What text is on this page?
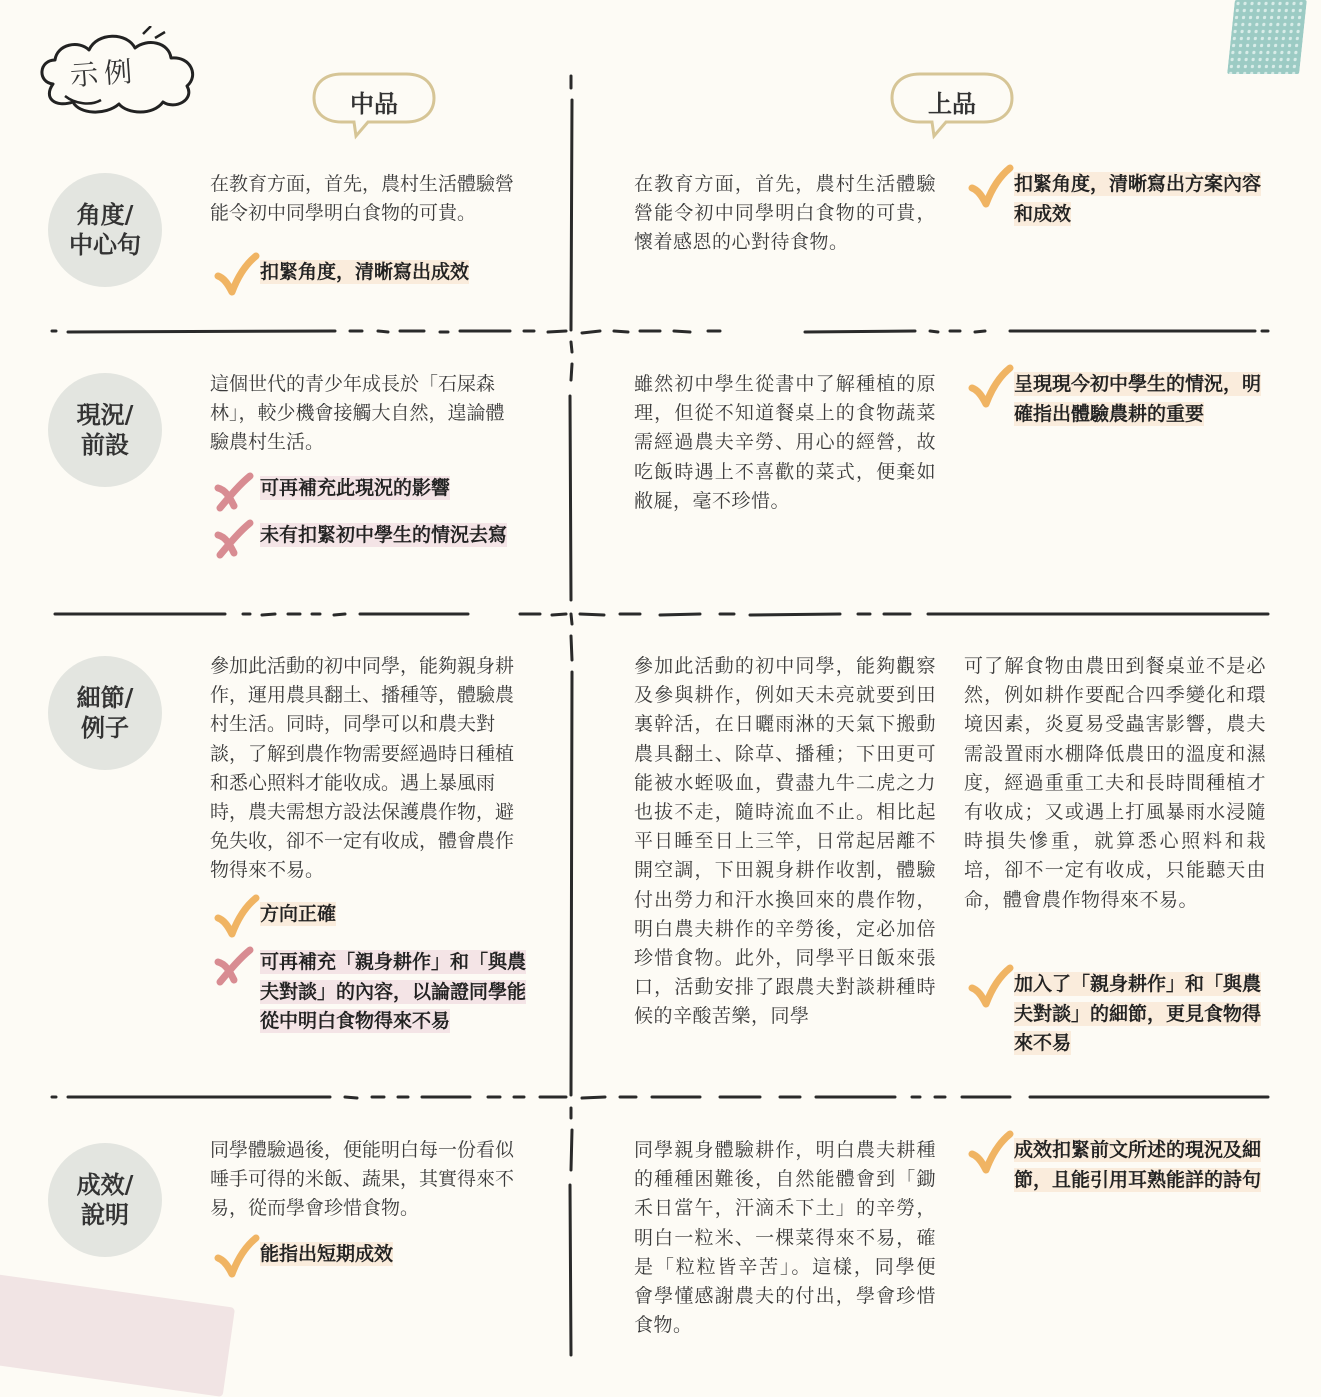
示例
中品	上品
角度/
中心句
在教育方面，首先，農村生活體驗營能令初中同學明白食物的可貴。
扣緊角度，清晰寫出成效
在教育方面，首先，農村生活體驗營能令初中同學明白食物的可貴，懷着感恩的心對待食物。
扣緊角度，清晰寫出方案內容和成效
現況/
前設
這個世代的青少年成長於「石屎森林」，較少機會接觸大自然，遑論體驗農村生活。
可再補充此現況的影響
未有扣緊初中學生的情況去寫
雖然初中學生從書中了解種植的原理，但從不知道餐桌上的食物蔬菜需經過農夫辛勞、用心的經營，故吃飯時遇上不喜歡的菜式，便棄如敝屣，毫不珍惜。
呈現現今初中學生的情況，明確指出體驗農耕的重要
細節/
例子
參加此活動的初中同學，能夠親身耕作，運用農具翻土、播種等，體驗農村生活。同時，同學可以和農夫對談，了解到農作物需要經過時日種植和悉心照料才能收成。遇上暴風雨時，農夫需想方設法保護農作物，避免失收，卻不一定有收成，體會農作物得來不易。
方向正確
可再補充「親身耕作」和「與農夫對談」的內容，以論證同學能從中明白食物得來不易
參加此活動的初中同學，能夠觀察及參與耕作，例如天未亮就要到田裏幹活，在日曬雨淋的天氣下搬動農具翻土、除草、播種；下田更可能被水蛭吸血，費盡九牛二虎之力也拔不走，隨時流血不止。相比起平日睡至日上三竿，日常起居離不開空調，下田親身耕作收割，體驗付出勞力和汗水換回來的農作物，明白農夫耕作的辛勞後，定必加倍珍惜食物。此外，同學平日飯來張口，活動安排了跟農夫對談耕種時候的辛酸苦樂，同學
可了解食物由農田到餐桌並不是必然，例如耕作要配合四季變化和環境因素，炎夏易受蟲害影響，農夫需設置雨水棚降低農田的溫度和濕度，經過重重工夫和長時間種植才有收成；又或遇上打風暴雨水浸隨時損失慘重，就算悉心照料和栽培，卻不一定有收成，只能聽天由命，體會農作物得來不易。
加入了「親身耕作」和「與農夫對談」的細節，更見食物得來不易
成效/
說明
同學體驗過後，便能明白每一份看似唾手可得的米飯、蔬果，其實得來不易，從而學會珍惜食物。
能指出短期成效
同學親身體驗耕作，明白農夫耕種的種種困難後，自然能體會到「鋤禾日當午，汗滴禾下土」的辛勞，明白一粒米、一棵菜得來不易，確是「粒粒皆辛苦」。這樣，同學便會學懂感謝農夫的付出，學會珍惜食物。
成效扣緊前文所述的現況及細節，且能引用耳熟能詳的詩句
